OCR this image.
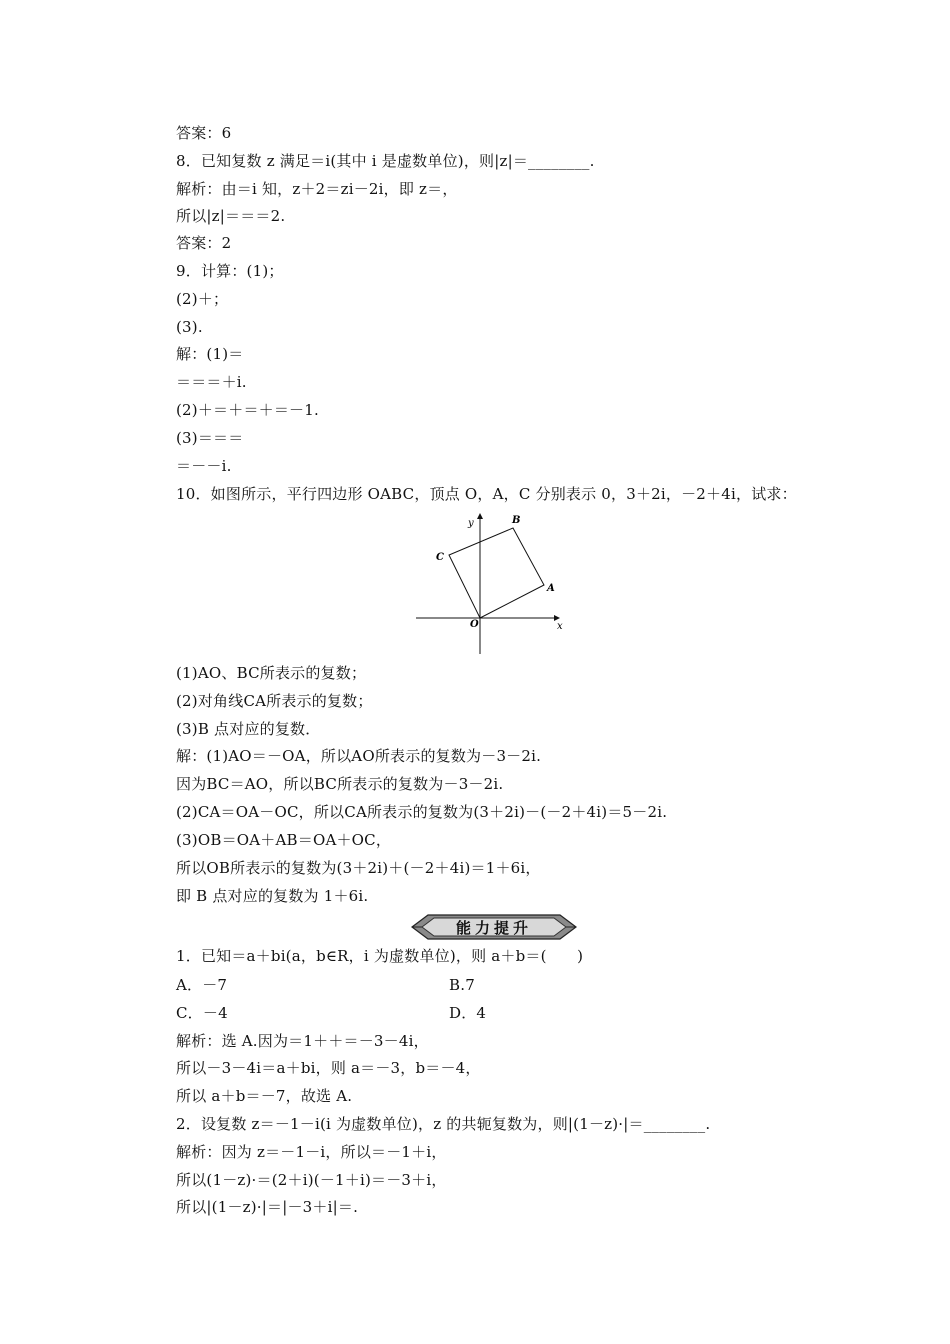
答案：6
8．已知复数 z 满足＝i(其中 i 是虚数单位)，则|z|＝________.
解析：由＝i 知，z＋2＝zi－2i，即 z＝，
所以|z|＝＝＝2.
答案：2
9．计算：(1)；
(2)＋；
(3).
解：(1)＝
＝＝＝＋i.
(2)＋＝＋＝＋＝－1.
(3)＝＝＝
＝－－i.
10．如图所示，平行四边形 OABC，顶点 O，A，C 分别表示 0，3＋2i，－2＋4i，试求：
y
x
O
A
B
C
(1)AO、BC所表示的复数；
(2)对角线CA所表示的复数；
(3)B 点对应的复数．
解：(1)AO＝－OA，所以AO所表示的复数为－3－2i.
因为BC＝AO，所以BC所表示的复数为－3－2i.
(2)CA＝OA－OC，所以CA所表示的复数为(3＋2i)－(－2＋4i)＝5－2i.
(3)OB＝OA＋AB＝OA＋OC，
所以OB所表示的复数为(3＋2i)＋(－2＋4i)＝1＋6i，
即 B 点对应的复数为 1＋6i.
能力提升
1．已知＝a＋bi(a，b∈R，i 为虚数单位)，则 a＋b＝(　　)
A．－7	B.7
C．－4	D．4
解析：选 A.因为＝1＋＋＝－3－4i，
所以－3－4i＝a＋bi，则 a＝－3，b＝－4，
所以 a＋b＝－7，故选 A.
2．设复数 z＝－1－i(i 为虚数单位)，z 的共轭复数为，则|(1－z)·|＝________.
解析：因为 z＝－1－i，所以＝－1＋i，
所以(1－z)·＝(2＋i)(－1＋i)＝－3＋i，
所以|(1－z)·|＝|－3＋i|＝.
